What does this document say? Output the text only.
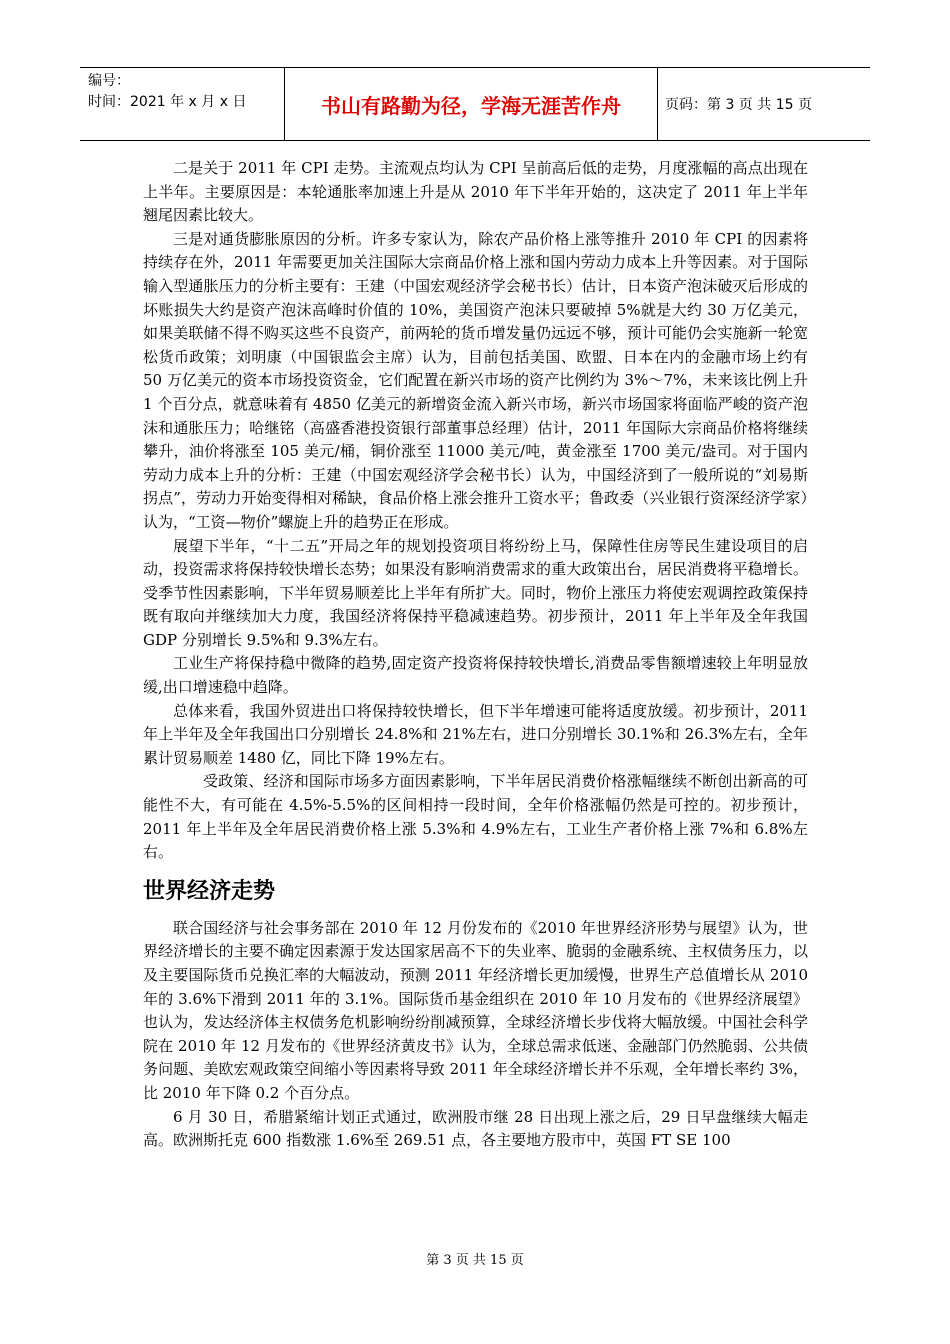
编号：
时间：2021 年 x 月 x 日	书山有路勤为径，学海无涯苦作舟	页码：第 3 页 共 15 页

二是关于 2011 年 CPI 走势。主流观点均认为 CPI 呈前高后低的走势，月度涨幅的高点出现在上半年。主要原因是：本轮通胀率加速上升是从 2010 年下半年开始的，这决定了 2011 年上半年翘尾因素比较大。

三是对通货膨胀原因的分析。许多专家认为，除农产品价格上涨等推升 2010 年 CPI 的因素将持续存在外，2011 年需要更加关注国际大宗商品价格上涨和国内劳动力成本上升等因素。对于国际输入型通胀压力的分析主要有：王建（中国宏观经济学会秘书长）估计，日本资产泡沫破灭后形成的坏账损失大约是资产泡沫高峰时价值的 10%，美国资产泡沫只要破掉 5%就是大约 30 万亿美元，如果美联储不得不购买这些不良资产，前两轮的货币增发量仍远远不够，预计可能仍会实施新一轮宽松货币政策；刘明康（中国银监会主席）认为，目前包括美国、欧盟、日本在内的金融市场上约有 50 万亿美元的资本市场投资资金，它们配置在新兴市场的资产比例约为 3%～7%，未来该比例上升 1 个百分点，就意味着有 4850 亿美元的新增资金流入新兴市场，新兴市场国家将面临严峻的资产泡沫和通胀压力；哈继铭（高盛香港投资银行部董事总经理）估计，2011 年国际大宗商品价格将继续攀升，油价将涨至 105 美元/桶，铜价涨至 11000 美元/吨，黄金涨至 1700 美元/盎司。对于国内劳动力成本上升的分析：王建（中国宏观经济学会秘书长）认为，中国经济到了一般所说的“刘易斯拐点”，劳动力开始变得相对稀缺，食品价格上涨会推升工资水平；鲁政委（兴业银行资深经济学家）认为，“工资—物价”螺旋上升的趋势正在形成。

展望下半年，“十二五”开局之年的规划投资项目将纷纷上马，保障性住房等民生建设项目的启动，投资需求将保持较快增长态势；如果没有影响消费需求的重大政策出台，居民消费将平稳增长。受季节性因素影响，下半年贸易顺差比上半年有所扩大。同时，物价上涨压力将使宏观调控政策保持既有取向并继续加大力度，我国经济将保持平稳减速趋势。初步预计，2011 年上半年及全年我国 GDP 分别增长 9.5%和 9.3%左右。

工业生产将保持稳中微降的趋势,固定资产投资将保持较快增长,消费品零售额增速较上年明显放缓,出口增速稳中趋降。

总体来看，我国外贸进出口将保持较快增长，但下半年增速可能将适度放缓。初步预计，2011 年上半年及全年我国出口分别增长 24.8%和 21%左右，进口分别增长 30.1%和 26.3%左右，全年累计贸易顺差 1480 亿，同比下降 19%左右。

受政策、经济和国际市场多方面因素影响，下半年居民消费价格涨幅继续不断创出新高的可能性不大，有可能在 4.5%-5.5%的区间相持一段时间，全年价格涨幅仍然是可控的。初步预计，2011 年上半年及全年居民消费价格上涨 5.3%和 4.9%左右，工业生产者价格上涨 7%和 6.8%左右。

世界经济走势

联合国经济与社会事务部在 2010 年 12 月份发布的《2010 年世界经济形势与展望》认为，世界经济增长的主要不确定因素源于发达国家居高不下的失业率、脆弱的金融系统、主权债务压力，以及主要国际货币兑换汇率的大幅波动，预测 2011 年经济增长更加缓慢，世界生产总值增长从 2010 年的 3.6%下滑到 2011 年的 3.1%。国际货币基金组织在 2010 年 10 月发布的《世界经济展望》也认为，发达经济体主权债务危机影响纷纷削减预算，全球经济增长步伐将大幅放缓。中国社会科学院在 2010 年 12 月发布的《世界经济黄皮书》认为，全球总需求低迷、金融部门仍然脆弱、公共债务问题、美欧宏观政策空间缩小等因素将导致 2011 年全球经济增长并不乐观，全年增长率约 3%，比 2010 年下降 0.2 个百分点。

6 月 30 日，希腊紧缩计划正式通过，欧洲股市继 28 日出现上涨之后，29 日早盘继续大幅走高。欧洲斯托克 600 指数涨 1.6%至 269.51 点，各主要地方股市中，英国 FT SE 100

第 3 页 共 15 页
